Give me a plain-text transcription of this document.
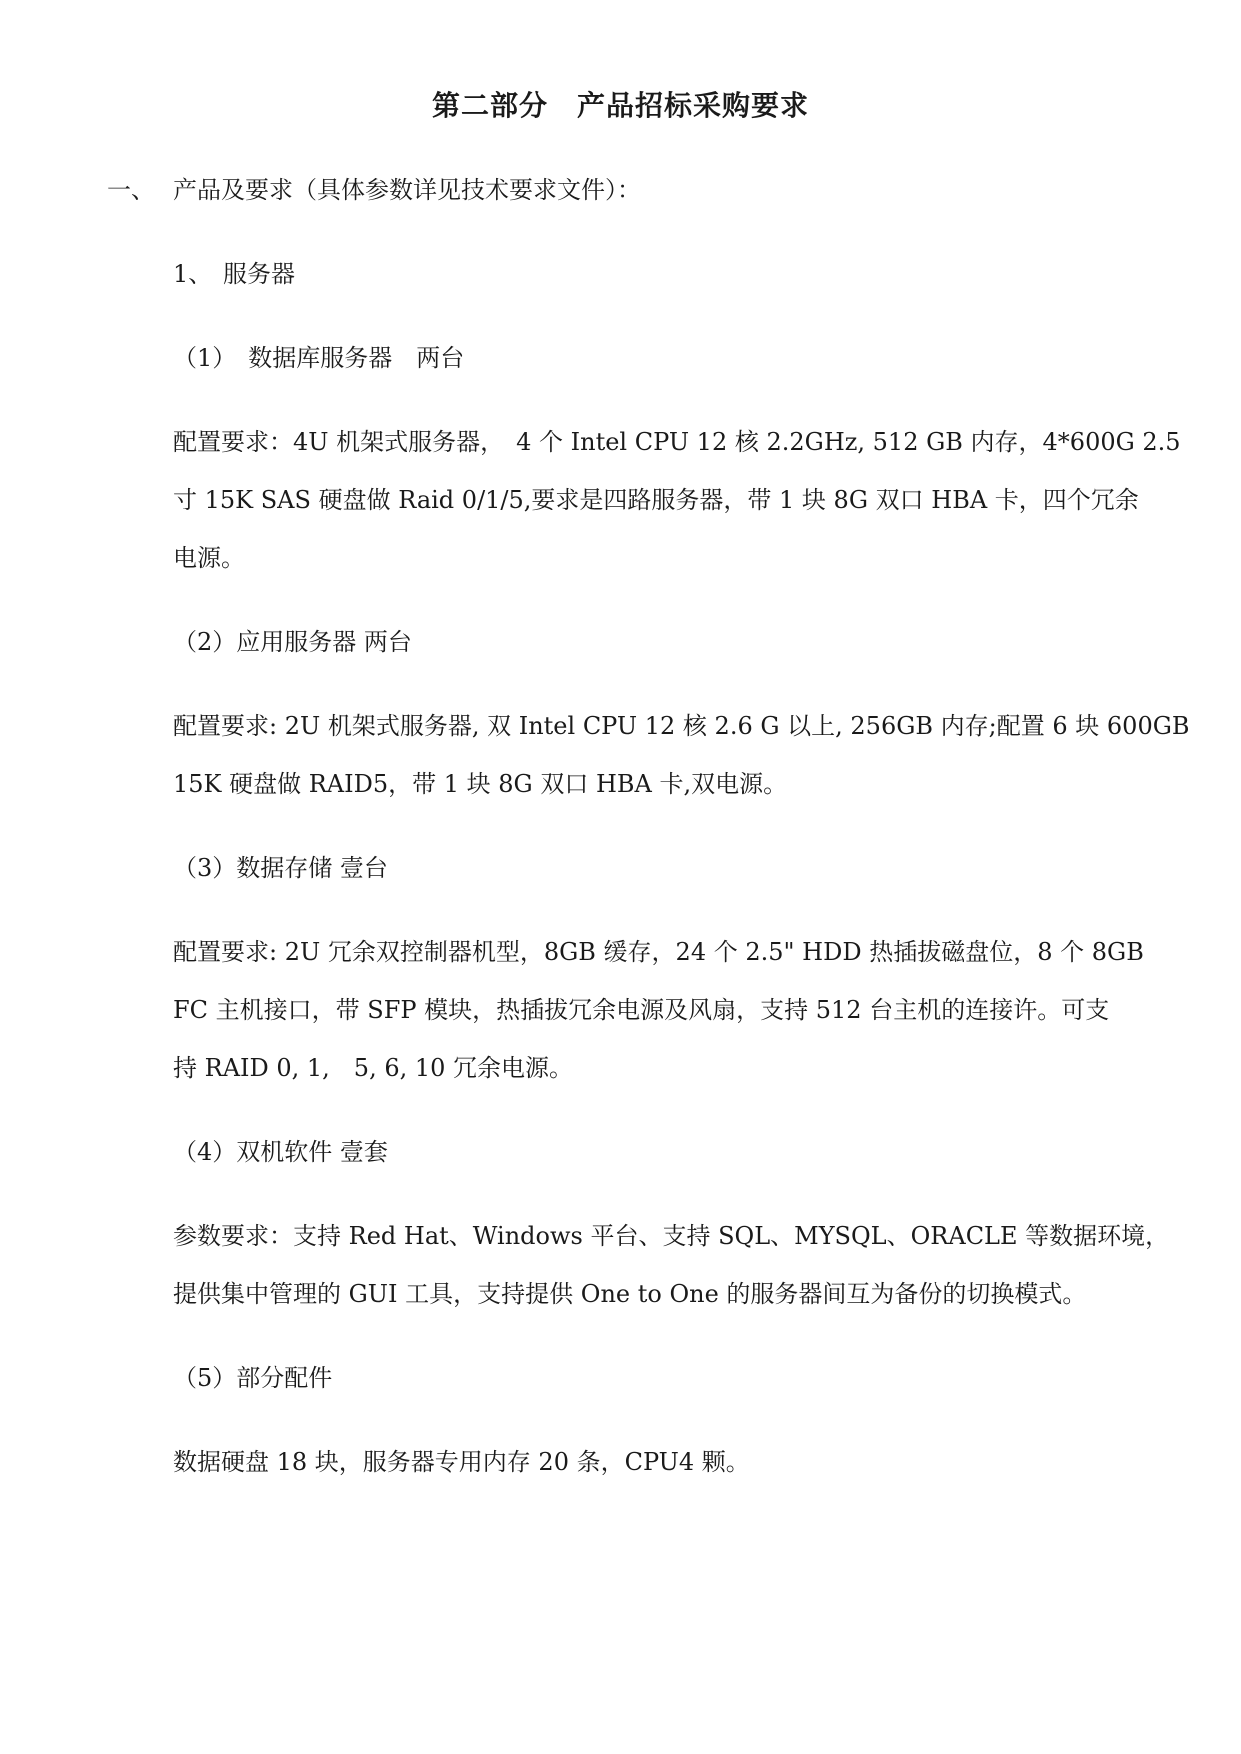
第二部分　产品招标采购要求
一、 产品及要求（具体参数详见技术要求文件）：

1、 服务器

（1）　数据库服务器　两台

配置要求：4U 机架式服务器，　4 个 Intel CPU 12 核 2.2GHz, 512 GB 内存，4*600G 2.5

寸 15K SAS 硬盘做 Raid 0/1/5,要求是四路服务器，带 1 块 8G 双口 HBA 卡，四个冗余

电源。

（2）应用服务器 两台

配置要求: 2U 机架式服务器, 双 Intel CPU 12 核 2.6 G 以上, 256GB 内存;配置 6 块 600GB

15K 硬盘做 RAID5，带 1 块 8G 双口 HBA 卡,双电源。

（3）数据存储 壹台

配置要求: 2U 冗余双控制器机型，8GB 缓存，24 个 2.5" HDD 热插拔磁盘位，8 个 8GB

FC 主机接口，带 SFP 模块，热插拔冗余电源及风扇，支持 512 台主机的连接许。可支

持 RAID 0, 1,　5, 6, 10 冗余电源。

（4）双机软件 壹套

参数要求：支持 Red Hat、Windows 平台、支持 SQL、MYSQL、ORACLE 等数据环境，

提供集中管理的 GUI 工具，支持提供 One to One 的服务器间互为备份的切换模式。

（5）部分配件

数据硬盘 18 块，服务器专用内存 20 条，CPU4 颗。
